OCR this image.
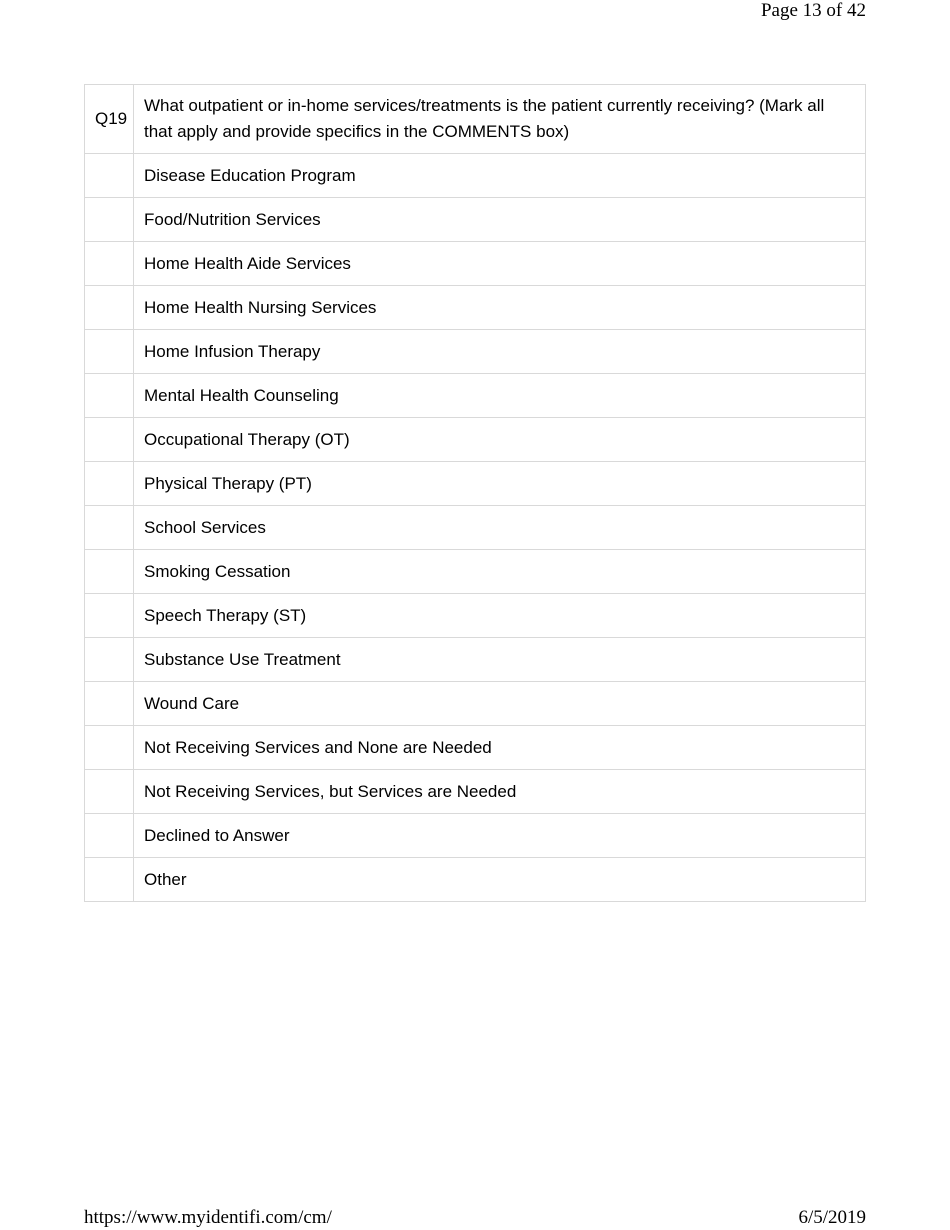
Page 13 of 42
Q19	What outpatient or in-home services/treatments is the patient currently receiving? (Mark all that apply and provide specifics in the COMMENTS box)
	Disease Education Program
	Food/Nutrition Services
	Home Health Aide Services
	Home Health Nursing Services
	Home Infusion Therapy
	Mental Health Counseling
	Occupational Therapy (OT)
	Physical Therapy (PT)
	School Services
	Smoking Cessation
	Speech Therapy (ST)
	Substance Use Treatment
	Wound Care
	Not Receiving Services and None are Needed
	Not Receiving Services, but Services are Needed
	Declined to Answer
	Other
https://www.myidentifi.com/cm/	6/5/2019
